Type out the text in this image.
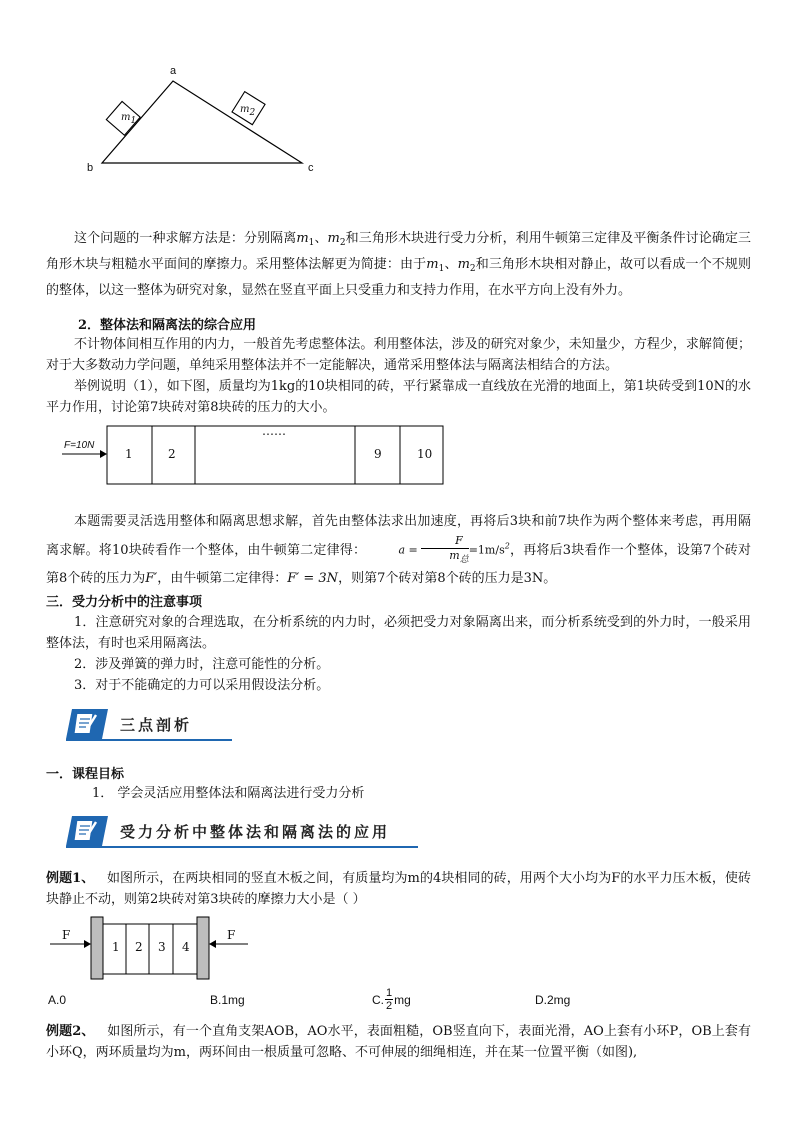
a
b	c
m1
m2
这个问题的一种求解方法是：分别隔离$m_1$、$m_2$和三角形木块进行受力分析，利用牛顿第三定律及平衡条件讨论确定三角形木块与粗糙水平面间的摩擦力。采用整体法解更为简捷：由于$m_1$、$m_2$和三角形木块相对静止，故可以看成一个不规则的整体，以这一整体为研究对象，显然在竖直平面上只受重力和支持力作用，在水平方向上没有外力。
2．整体法和隔离法的综合应用
不计物体间相互作用的内力，一般首先考虑整体法。利用整体法，涉及的研究对象少，未知量少，方程少，求解简便；对于大多数动力学问题，单纯采用整体法并不一定能解决，通常采用整体法与隔离法相结合的方法。
举例说明（1），如下图，质量均为1kg的10块相同的砖，平行紧靠成一直线放在光滑的地面上，第1块砖受到10N的水平力作用，讨论第7块砖对第8块砖的压力的大小。
F=10N
1	2
……
9	10
本题需要灵活选用整体和隔离思想求解，首先由整体法求出加速度，再将后3块和前7块作为两个整体来考虑，再用隔离求解。将10块砖看作一个整体，由牛顿第二定律得：	a =
F
$m_总$
$=1m/s^2$，再将后3块看作一个整体，设第7个砖对第8个砖的压力为F′，由牛顿第二定律得：F′ = 3N，则第7个砖对第8个砖的压力是3N。
三．受力分析中的注意事项
1．注意研究对象的合理选取，在分析系统的内力时，必须把受力对象隔离出来，而分析系统受到的外力时，一般采用整体法，有时也采用隔离法。
2．涉及弹簧的弹力时，注意可能性的分析。
3．对于不能确定的力可以采用假设法分析。
三点剖析
一．课程目标
1． 学会灵活应用整体法和隔离法进行受力分析
受力分析中整体法和隔离法的应用
例题1、 如图所示，在两块相同的竖直木板之间，有质量均为m的4块相同的砖，用两个大小均为F的水平力压木板，使砖块静止不动，则第2块砖对第3块砖的摩擦力大小是（ ）
F	F
1 2 3 4
A.0	B.1mg	C. 1
2 mg	D.2mg
例题2、 如图所示，有一个直角支架AOB，AO水平，表面粗糙，OB竖直向下，表面光滑，AO上套有小环P，OB上套有小环Q，两环质量均为m，两环间由一根质量可忽略、不可伸展的细绳相连，并在某一位置平衡（如图),
